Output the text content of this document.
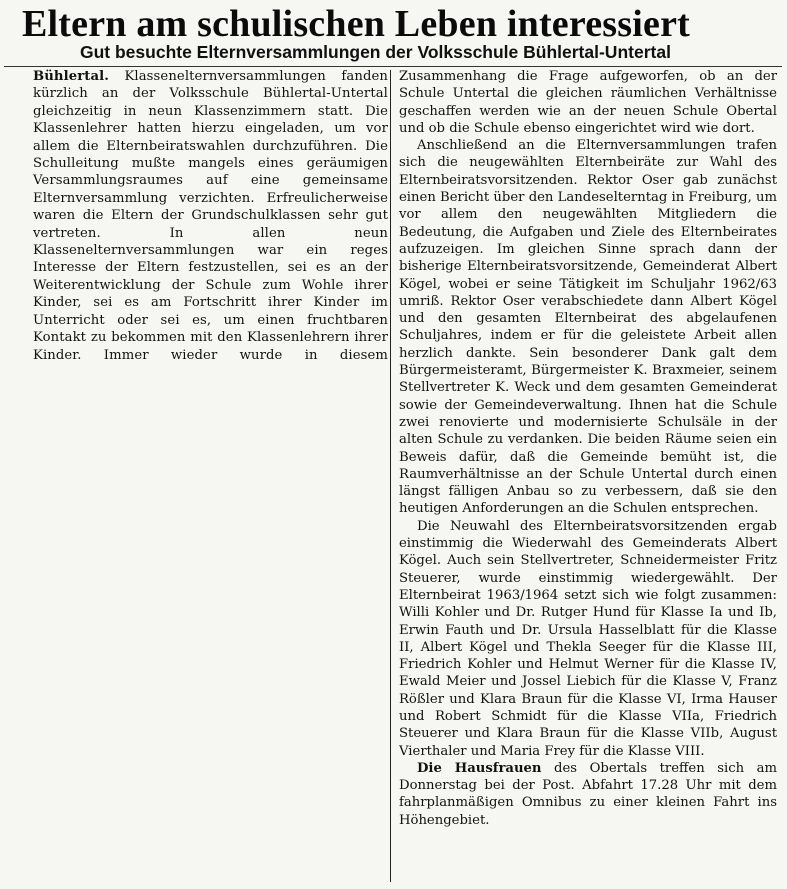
Eltern am schulischen Leben interessiert
Gut besuchte Elternversammlungen der Volksschule Bühlertal-Untertal

Bühlertal. Klassenelternversammlungen fanden kürzlich an der Volksschule Bühlertal-Untertal gleichzeitig in neun Klassenzimmern statt. Die Klassenlehrer hatten hierzu eingeladen, um vor allem die Elternbeiratswahlen durchzuführen. Die Schulleitung mußte mangels eines geräumigen Versammlungsraumes auf eine gemeinsame Elternversammlung verzichten. Erfreulicherweise waren die Eltern der Grundschulklassen sehr gut vertreten. In allen neun Klassenelternversammlungen war ein reges Interesse der Eltern festzustellen, sei es an der Weiterentwicklung der Schule zum Wohle ihrer Kinder, sei es am Fortschritt ihrer Kinder im Unterricht oder sei es, um einen fruchtbaren Kontakt zu bekommen mit den Klassenlehrern ihrer Kinder. Immer wieder wurde in diesem

Zusammenhang die Frage aufgeworfen, ob an der Schule Untertal die gleichen räumlichen Verhältnisse geschaffen werden wie an der neuen Schule Obertal und ob die Schule ebenso eingerichtet wird wie dort.

Anschließend an die Elternversammlungen trafen sich die neugewählten Elternbeiräte zur Wahl des Elternbeiratsvorsitzenden. Rektor Oser gab zunächst einen Bericht über den Landeselterntag in Freiburg, um vor allem den neugewählten Mitgliedern die Bedeutung, die Aufgaben und Ziele des Elternbeirates aufzuzeigen. Im gleichen Sinne sprach dann der bisherige Elternbeiratsvorsitzende, Gemeinderat Albert Kögel, wobei er seine Tätigkeit im Schuljahr 1962/63 umriß. Rektor Oser verabschiedete dann Albert Kögel und den gesamten Elternbeirat des abgelaufenen Schuljahres, indem er für die geleistete Arbeit allen herzlich dankte. Sein besonderer Dank galt dem Bürgermeisteramt, Bürgermeister K. Braxmeier, seinem Stellvertreter K. Weck und dem gesamten Gemeinderat sowie der Gemeindeverwaltung. Ihnen hat die Schule zwei renovierte und modernisierte Schulsäle in der alten Schule zu verdanken. Die beiden Räume seien ein Beweis dafür, daß die Gemeinde bemüht ist, die Raumverhältnisse an der Schule Untertal durch einen längst fälligen Anbau so zu verbessern, daß sie den heutigen Anforderungen an die Schulen entsprechen.

Die Neuwahl des Elternbeiratsvorsitzenden ergab einstimmig die Wiederwahl des Gemeinderats Albert Kögel. Auch sein Stellvertreter, Schneidermeister Fritz Steuerer, wurde einstimmig wiedergewählt. Der Elternbeirat 1963/1964 setzt sich wie folgt zusammen: Willi Kohler und Dr. Rutger Hund für Klasse Ia und Ib, Erwin Fauth und Dr. Ursula Hasselblatt für die Klasse II, Albert Kögel und Thekla Seeger für die Klasse III, Friedrich Kohler und Helmut Werner für die Klasse IV, Ewald Meier und Jossel Liebich für die Klasse V, Franz Rößler und Klara Braun für die Klasse VI, Irma Hauser und Robert Schmidt für die Klasse VIIa, Friedrich Steuerer und Klara Braun für die Klasse VIIb, August Vierthaler und Maria Frey für die Klasse VIII.

Die Hausfrauen des Obertals treffen sich am Donnerstag bei der Post. Abfahrt 17.28 Uhr mit dem fahrplanmäßigen Omnibus zu einer kleinen Fahrt ins Höhengebiet.
